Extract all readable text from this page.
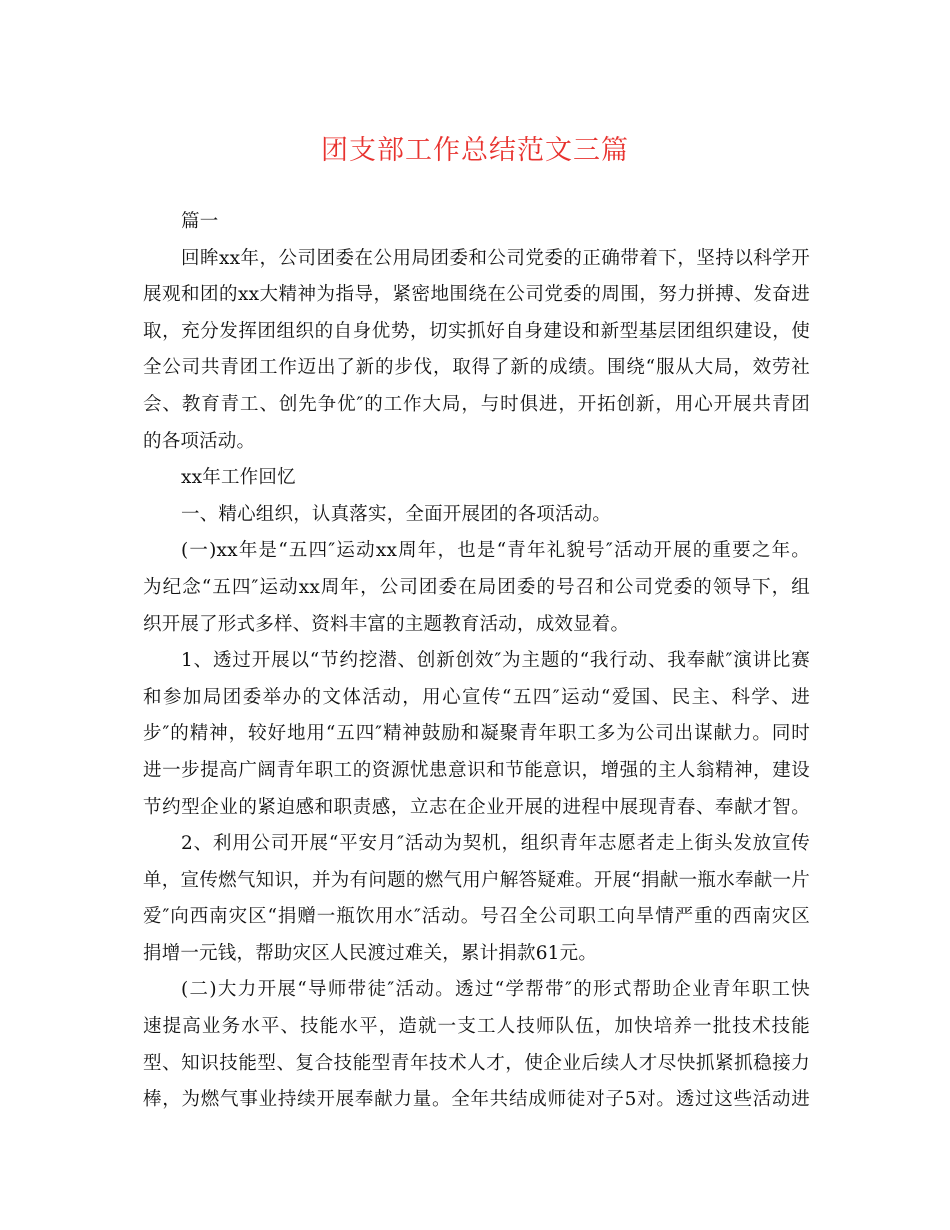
团支部工作总结范文三篇
篇一
回眸xx年，公司团委在公用局团委和公司党委的正确带着下，坚持以科学开
展观和团的xx大精神为指导，紧密地围绕在公司党委的周围，努力拼搏、发奋进
取，充分发挥团组织的自身优势，切实抓好自身建设和新型基层团组织建设，使
全公司共青团工作迈出了新的步伐，取得了新的成绩。围绕“服从大局，效劳社
会、教育青工、创先争优″的工作大局，与时俱进，开拓创新，用心开展共青团
的各项活动。
xx年工作回忆
一、精心组织，认真落实，全面开展团的各项活动。
(一)xx年是“五四″运动xx周年，也是“青年礼貌号″活动开展的重要之年。
为纪念“五四″运动xx周年，公司团委在局团委的号召和公司党委的领导下，组
织开展了形式多样、资料丰富的主题教育活动，成效显着。
1、透过开展以“节约挖潜、创新创效″为主题的“我行动、我奉献″演讲比赛
和参加局团委举办的文体活动，用心宣传“五四″运动“爱国、民主、科学、进
步″的精神，较好地用“五四″精神鼓励和凝聚青年职工多为公司出谋献力。同时
进一步提高广阔青年职工的资源忧患意识和节能意识，增强的主人翁精神，建设
节约型企业的紧迫感和职责感，立志在企业开展的进程中展现青春、奉献才智。
2、利用公司开展“平安月″活动为契机，组织青年志愿者走上街头发放宣传
单，宣传燃气知识，并为有问题的燃气用户解答疑难。开展“捐献一瓶水奉献一片
爱″向西南灾区“捐赠一瓶饮用水″活动。号召全公司职工向旱情严重的西南灾区
捐增一元钱，帮助灾区人民渡过难关，累计捐款61元。
(二)大力开展“导师带徒″活动。透过“学帮带″的形式帮助企业青年职工快
速提高业务水平、技能水平，造就一支工人技师队伍，加快培养一批技术技能
型、知识技能型、复合技能型青年技术人才，使企业后续人才尽快抓紧抓稳接力
棒，为燃气事业持续开展奉献力量。全年共结成师徒对子5对。透过这些活动进
